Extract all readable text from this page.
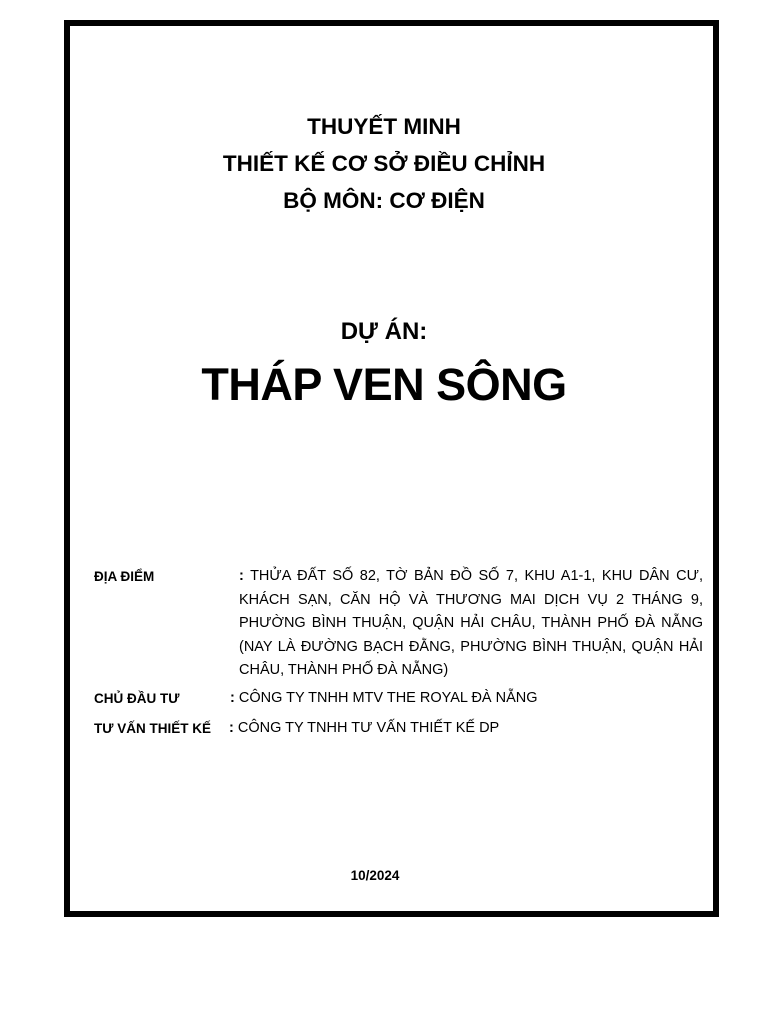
THUYẾT MINH
THIẾT KẾ CƠ SỞ ĐIỀU CHỈNH
BỘ MÔN: CƠ ĐIỆN
DỰ ÁN:
THÁP VEN SÔNG
ĐỊA ĐIỂM	: THỬA ĐẤT SỐ 82, TỜ BẢN ĐỒ SỐ 7, KHU A1-1, KHU DÂN CƯ, KHÁCH SẠN, CĂN HỘ VÀ THƯƠNG MAI DỊCH VỤ 2 THÁNG 9, PHƯỜNG BÌNH THUẬN, QUẬN HẢI CHÂU, THÀNH PHỐ ĐÀ NẴNG (NAY LÀ ĐƯỜNG BẠCH ĐẰNG, PHƯỜNG BÌNH THUẬN, QUẬN HẢI CHÂU, THÀNH PHỐ ĐÀ NẴNG)
CHỦ ĐẦU TƯ	: CÔNG TY TNHH MTV THE ROYAL ĐÀ NẴNG
TƯ VẤN THIẾT KẾ : CÔNG TY TNHH TƯ VẤN THIẾT KẾ DP
10/2024
